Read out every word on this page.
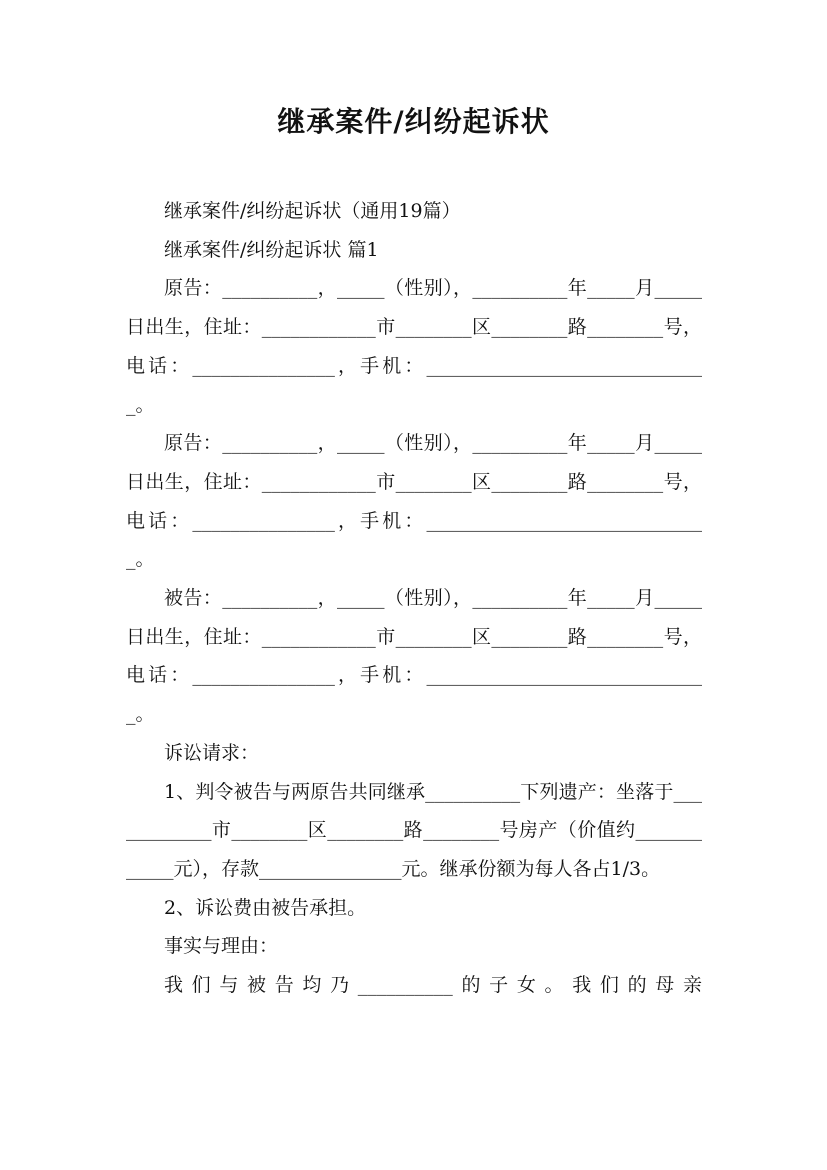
继承案件/纠纷起诉状

继承案件/纠纷起诉状（通用19篇）

继承案件/纠纷起诉状 篇1

原告：__________，_____（性别），__________年_____月_____日出生，住址：____________市________区________路________号，电话：_______________，手机：______________________________。

原告：__________，_____（性别），__________年_____月_____日出生，住址：____________市________区________路________号，电话：_______________，手机：______________________________。

被告：__________，_____（性别），__________年_____月_____日出生，住址：____________市________区________路________号，电话：_______________，手机：______________________________。

诉讼请求：

1、判令被告与两原告共同继承__________下列遗产：坐落于____________市________区________路________号房产（价值约____________元），存款_______________元。继承份额为每人各占1/3。

2、诉讼费由被告承担。

事实与理由：

我们与被告均乃__________的子女。我们的母亲
